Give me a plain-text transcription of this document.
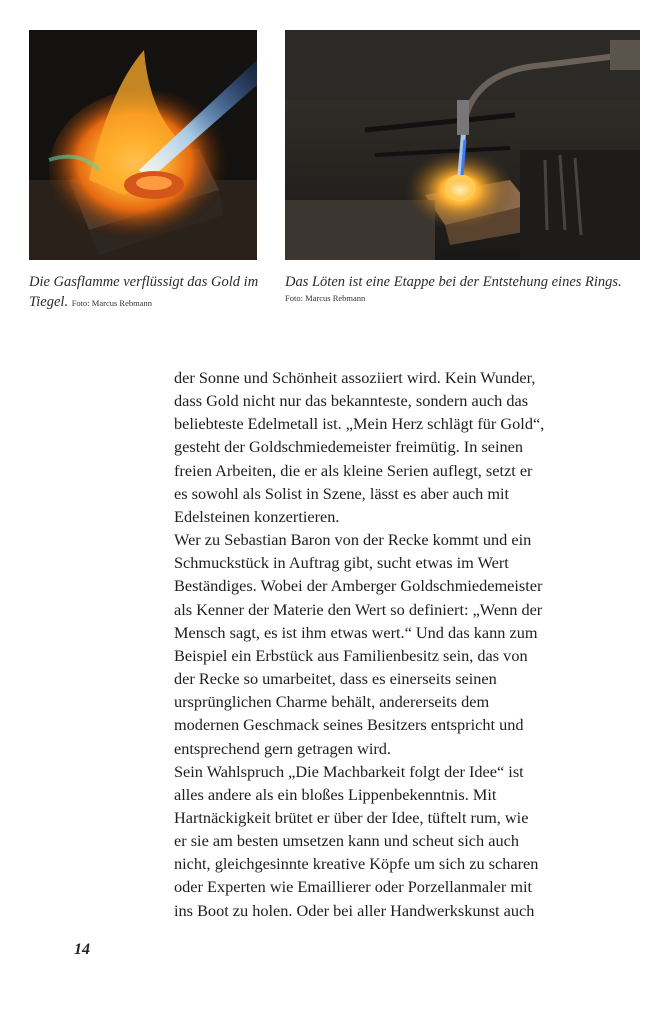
Die Gasflamme verflüssigt das Gold im Tiegel. Foto: Marcus Rebmann
Das Löten ist eine Etappe bei der Entstehung eines Rings.
Foto: Marcus Rebmann
der Sonne und Schönheit assoziiert wird. Kein Wunder,
dass Gold nicht nur das bekannteste, sondern auch das
beliebteste Edelmetall ist. „Mein Herz schlägt für Gold“,
gesteht der Goldschmiedemeister freimütig. In seinen
freien Arbeiten, die er als kleine Serien auflegt, setzt er
es sowohl als Solist in Szene, lässt es aber auch mit
Edelsteinen konzertieren.
Wer zu Sebastian Baron von der Recke kommt und ein
Schmuckstück in Auftrag gibt, sucht etwas im Wert
Beständiges. Wobei der Amberger Goldschmiedemeister
als Kenner der Materie den Wert so definiert: „Wenn der
Mensch sagt, es ist ihm etwas wert.“ Und das kann zum
Beispiel ein Erbstück aus Familienbesitz sein, das von
der Recke so umarbeitet, dass es einerseits seinen
ursprünglichen Charme behält, andererseits dem
modernen Geschmack seines Besitzers entspricht und
entsprechend gern getragen wird.
Sein Wahlspruch „Die Machbarkeit folgt der Idee“ ist
alles andere als ein bloßes Lippenbekenntnis. Mit
Hartnäckigkeit brütet er über der Idee, tüftelt rum, wie
er sie am besten umsetzen kann und scheut sich auch
nicht, gleichgesinnte kreative Köpfe um sich zu scharen
oder Experten wie Emaillierer oder Porzellanmaler mit
ins Boot zu holen. Oder bei aller Handwerkskunst auch
14
